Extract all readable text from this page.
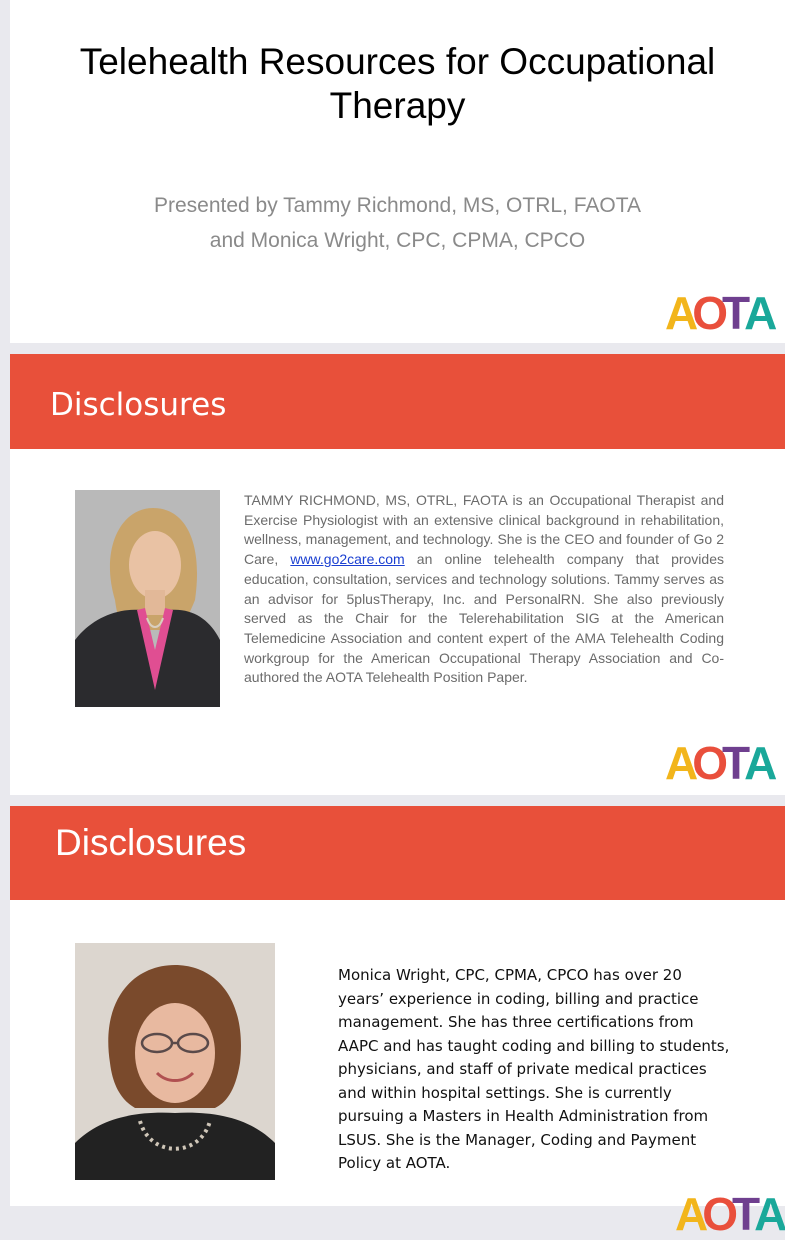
Telehealth Resources for Occupational
Therapy
Presented by Tammy Richmond, MS, OTRL, FAOTA
and Monica Wright, CPC, CPMA, CPCO
AOTA
Disclosures
TAMMY RICHMOND, MS, OTRL, FAOTA is an Occupational Therapist and Exercise Physiologist with an extensive clinical background in rehabilitation, wellness, management, and technology. She is the CEO and founder of Go 2 Care, www.go2care.com an online telehealth company that provides education, consultation, services and technology solutions. Tammy serves as an advisor for 5plusTherapy, Inc. and PersonalRN. She also previously served as the Chair for the Telerehabilitation SIG at the American Telemedicine Association and content expert of the AMA Telehealth Coding workgroup for the American Occupational Therapy Association and Co-authored the AOTA Telehealth Position Paper.
AOTA
Disclosures
Monica Wright, CPC, CPMA, CPCO has over 20
years’ experience in coding, billing and practice
management. She has three certifications from
AAPC and has taught coding and billing to students,
physicians, and staff of private medical practices
and within hospital settings. She is currently
pursuing a Masters in Health Administration from
LSUS. She is the Manager, Coding and Payment
Policy at AOTA.
AOTA
